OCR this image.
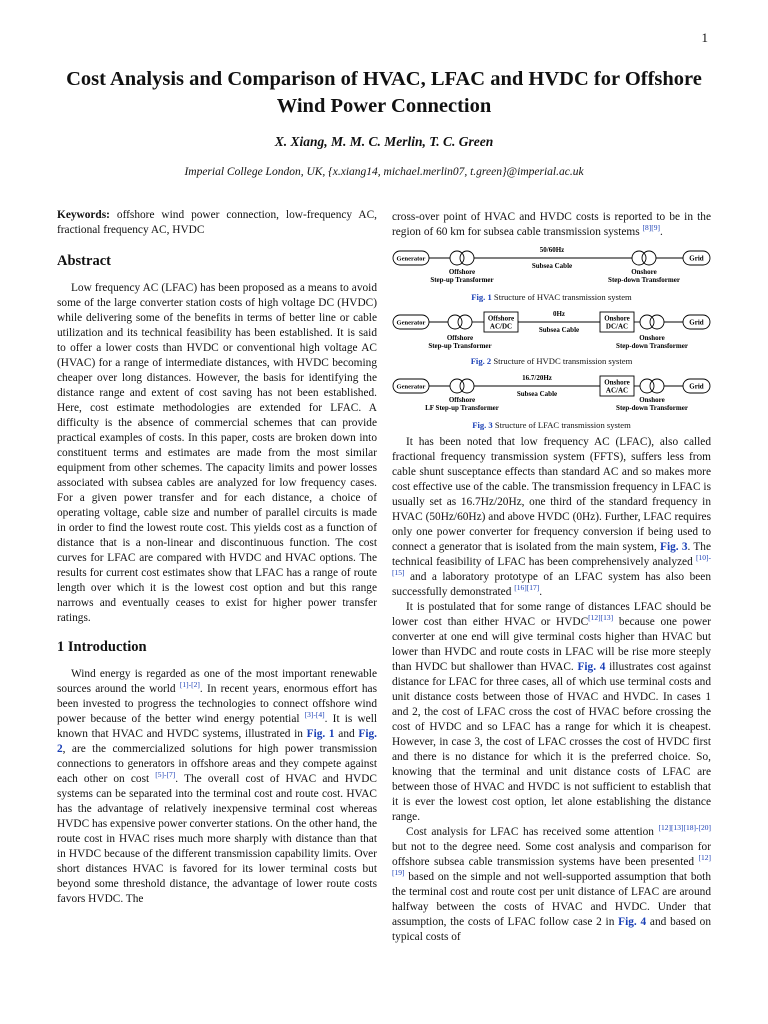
1
Cost Analysis and Comparison of HVAC, LFAC and HVDC for Offshore Wind Power Connection
X. Xiang, M. M. C. Merlin, T. C. Green
Imperial College London, UK, {x.xiang14, michael.merlin07, t.green}@imperial.ac.uk

Keywords: offshore wind power connection, low-frequency AC, fractional frequency AC, HVDC

Abstract

Low frequency AC (LFAC) has been proposed as a means to avoid some of the large converter station costs of high voltage DC (HVDC) while delivering some of the benefits in terms of better line or cable utilization and its technical feasibility has been established. It is said to offer a lower costs than HVDC or conventional high voltage AC (HVAC) for a range of intermediate distances, with HVDC becoming cheaper over long distances. However, the basis for identifying the distance range and extent of cost saving has not been established. Here, cost estimate methodologies are extended for LFAC. A difficulty is the absence of commercial schemes that can provide practical examples of costs. In this paper, costs are broken down into constituent terms and estimates are made from the most similar equipment from other schemes. The capacity limits and power losses associated with subsea cables are analyzed for low frequency cases. For a given power transfer and for each distance, a choice of operating voltage, cable size and number of parallel circuits is made in order to find the lowest route cost. This yields cost as a function of distance that is a non-linear and discontinuous function. The cost curves for LFAC are compared with HVDC and HVAC options. The results for current cost estimates show that LFAC has a range of route length over which it is the lowest cost option and but this range narrows and eventually ceases to exist for higher power transfer ratings.

1 Introduction

Wind energy is regarded as one of the most important renewable sources around the world [1]-[2]. In recent years, enormous effort has been invested to progress the technologies to connect offshore wind power because of the better wind energy potential [3]-[4]. It is well known that HVAC and HVDC systems, illustrated in Fig. 1 and Fig. 2, are the commercialized solutions for high power transmission connections to generators in offshore areas and they compete against each other on cost [5]-[7]. The overall cost of HVAC and HVDC systems can be separated into the terminal cost and route cost. HVAC has the advantage of relatively inexpensive terminal cost whereas HVDC has expensive power converter stations. On the other hand, the route cost in HVAC rises much more sharply with distance than that in HVDC because of the different transmission capability limits. Over short distances HVAC is favored for its lower terminal costs but beyond some threshold distance, the advantage of lower route costs favors HVDC. The

cross-over point of HVAC and HVDC costs is reported to be in the region of 60 km for subsea cable transmission systems [8][9].

Generator
50/60Hz
Subsea Cable
Grid
Offshore
Step-up Transformer
Onshore
Step-down Transformer
Fig. 1 Structure of HVAC transmission system
Generator
Offshore
AC/DC
0Hz
Subsea Cable
Onshore
DC/AC	Grid
Offshore
Step-up Transformer
Onshore
Step-down Transformer
Fig. 2 Structure of HVDC transmission system
Generator
16.7/20Hz
Subsea Cable
Onshore
AC/AC	Grid
Offshore
LF Step-up Transformer
Onshore
Step-down Transformer
Fig. 3 Structure of LFAC transmission system

It has been noted that low frequency AC (LFAC), also called fractional frequency transmission system (FFTS), suffers less from cable shunt susceptance effects than standard AC and so makes more cost effective use of the cable. The transmission frequency in LFAC is usually set as 16.7Hz/20Hz, one third of the standard frequency in HVAC (50Hz/60Hz) and above HVDC (0Hz). Further, LFAC requires only one power converter for frequency conversion if being used to connect a generator that is isolated from the main system, Fig. 3. The technical feasibility of LFAC has been comprehensively analyzed [10]-[15] and a laboratory prototype of an LFAC system has also been successfully demonstrated [16][17].

It is postulated that for some range of distances LFAC should be lower cost than either HVAC or HVDC[12][13] because one power converter at one end will give terminal costs higher than HVAC but lower than HVDC and route costs in LFAC will be rise more steeply than HVDC but shallower than HVAC. Fig. 4 illustrates cost against distance for LFAC for three cases, all of which use terminal costs and unit distance costs between those of HVAC and HVDC. In cases 1 and 2, the cost of LFAC cross the cost of HVAC before crossing the cost of HVDC and so LFAC has a range for which it is cheapest. However, in case 3, the cost of LFAC crosses the cost of HVDC first and there is no distance for which it is the preferred choice. So, knowing that the terminal and unit distance costs of LFAC are between those of HVAC and HVDC is not sufficient to establish that it is ever the lowest cost option, let alone establishing the distance range.

Cost analysis for LFAC has received some attention [12][13][18]-[20] but not to the degree need. Some cost analysis and comparison for offshore subsea cable transmission systems have been presented [12][19] based on the simple and not well-supported assumption that both the terminal cost and route cost per unit distance of LFAC are around halfway between the costs of HVAC and HVDC. Under that assumption, the costs of LFAC follow case 2 in Fig. 4 and based on typical costs of
